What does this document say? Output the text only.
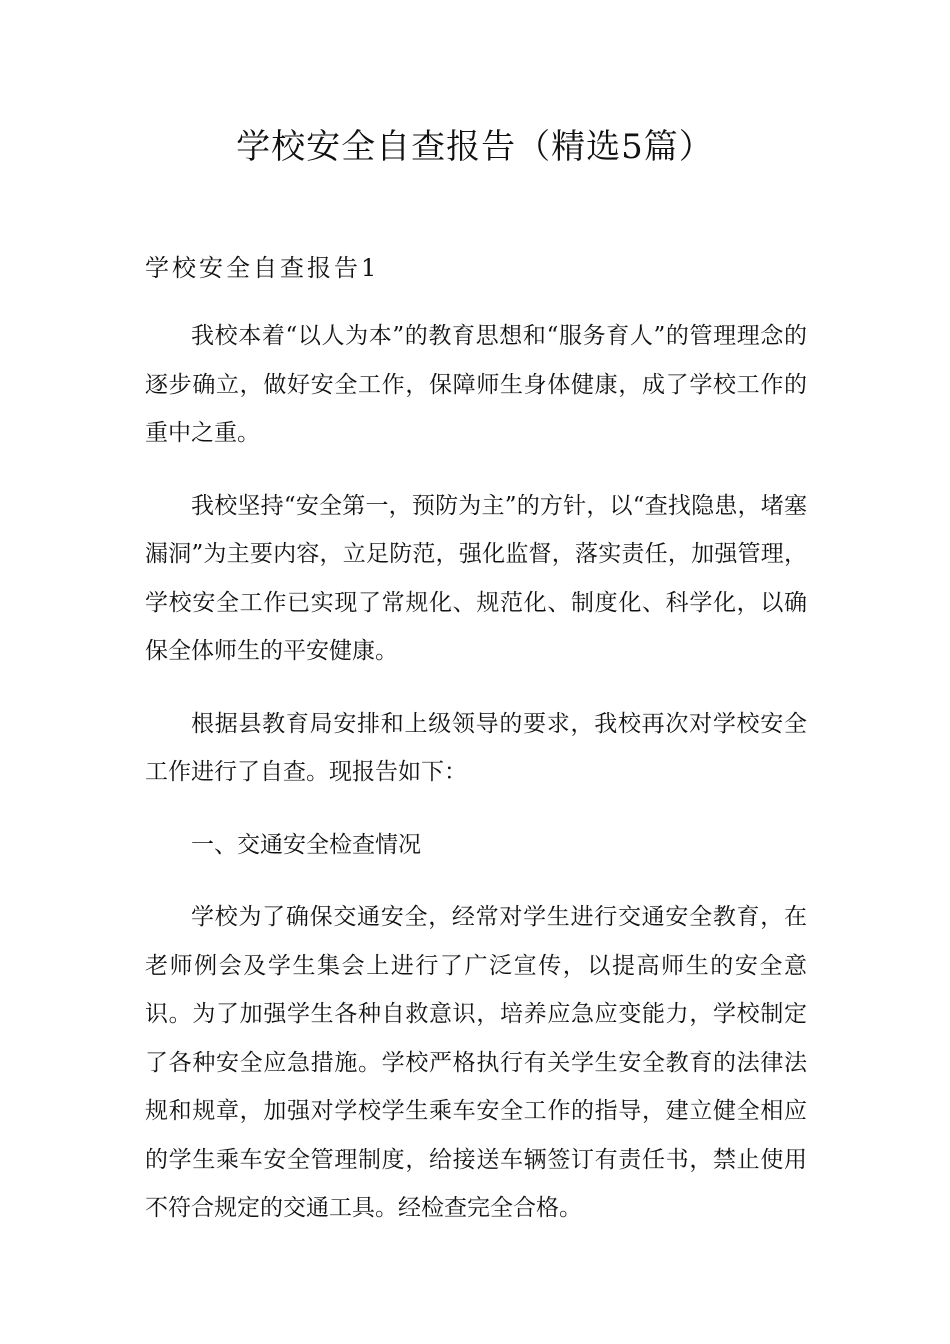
学校安全自查报告（精选5篇）
学校安全自查报告1

我校本着“以人为本”的教育思想和“服务育人”的管理理念的逐步确立，做好安全工作，保障师生身体健康，成了学校工作的重中之重。

我校坚持“安全第一，预防为主”的方针，以“查找隐患，堵塞漏洞”为主要内容，立足防范，强化监督，落实责任，加强管理，学校安全工作已实现了常规化、规范化、制度化、科学化，以确保全体师生的平安健康。

根据县教育局安排和上级领导的要求，我校再次对学校安全工作进行了自查。现报告如下：

一、交通安全检查情况

学校为了确保交通安全，经常对学生进行交通安全教育，在老师例会及学生集会上进行了广泛宣传，以提高师生的安全意识。为了加强学生各种自救意识，培养应急应变能力，学校制定了各种安全应急措施。学校严格执行有关学生安全教育的法律法规和规章，加强对学校学生乘车安全工作的指导，建立健全相应的学生乘车安全管理制度，给接送车辆签订有责任书，禁止使用不符合规定的交通工具。经检查完全合格。
